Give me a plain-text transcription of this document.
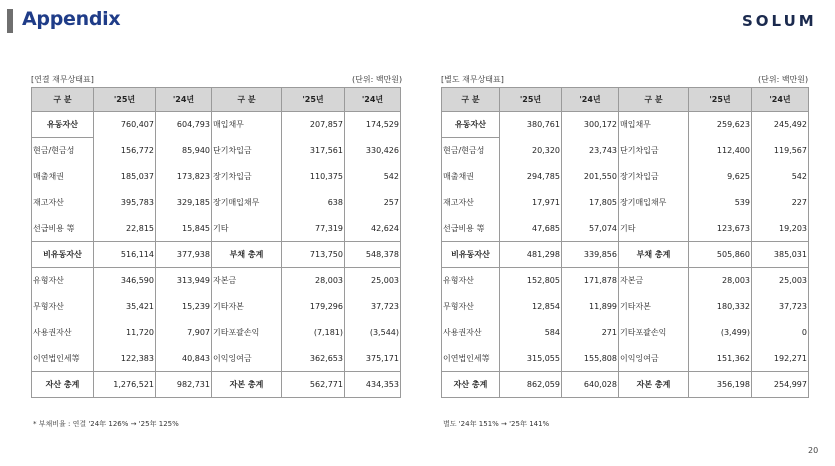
Appendix	SOLUM
[연결 재무상태표]	(단위: 백만원)
구 분	'25년	'24년	구 분	'25년	'24년
유동자산	760,407	604,793	매입채무	207,857	174,529
현금/현금성	156,772	85,940	단기차입금	317,561	330,426
매출채권	185,037	173,823	장기차입금	110,375	542
재고자산	395,783	329,185	장기매입채무	638	257
선급비용 等	22,815	15,845	기타	77,319	42,624
비유동자산	516,114	377,938	부채 총계	713,750	548,378
유형자산	346,590	313,949	자본금	28,003	25,003
무형자산	35,421	15,239	기타자본	179,296	37,723
사용권자산	11,720	7,907	기타포괄손익	(7,181)	(3,544)
이연법인세等	122,383	40,843	이익잉여금	362,653	375,171
자산 총계	1,276,521	982,731	자본 총계	562,771	434,353
* 부채비율 : 연결 '24年 126% → '25年 125%
[별도 재무상태표]	(단위: 백만원)
구 분	'25년	'24년	구 분	'25년	'24년
유동자산	380,761	300,172	매입채무	259,623	245,492
현금/현금성	20,320	23,743	단기차입금	112,400	119,567
매출채권	294,785	201,550	장기차입금	9,625	542
재고자산	17,971	17,805	장기매입채무	539	227
선급비용 等	47,685	57,074	기타	123,673	19,203
비유동자산	481,298	339,856	부채 총계	505,860	385,031
유형자산	152,805	171,878	자본금	28,003	25,003
무형자산	12,854	11,899	기타자본	180,332	37,723
사용권자산	584	271	기타포괄손익	(3,499)	0
이연법인세等	315,055	155,808	이익잉여금	151,362	192,271
자산 총계	862,059	640,028	자본 총계	356,198	254,997
별도 '24年 151% → '25年 141%
20
